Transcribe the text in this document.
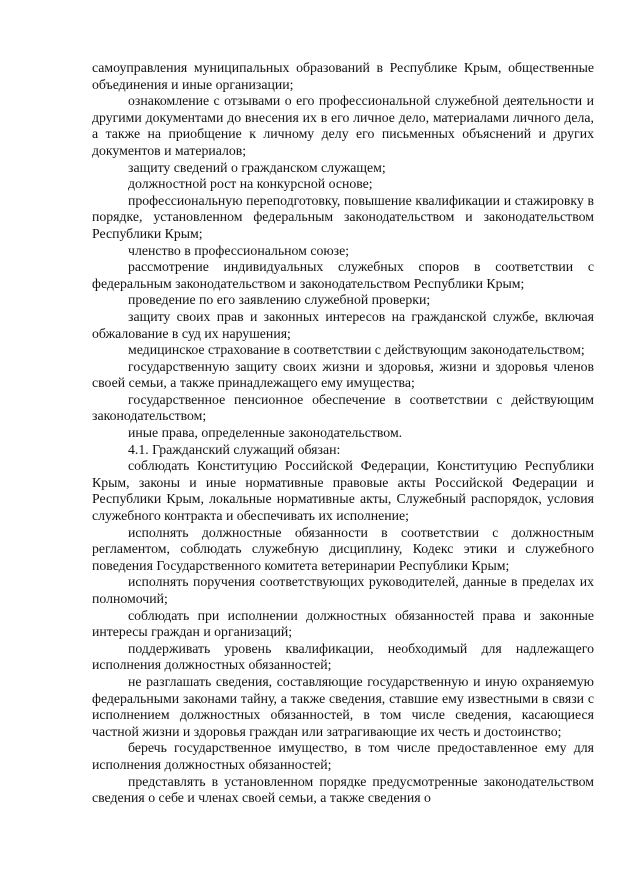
самоуправления муниципальных образований в Республике Крым, общественные объединения и иные организации;

ознакомление с отзывами о его профессиональной служебной деятельности и другими документами до внесения их в его личное дело, материалами личного дела, а также на приобщение к личному делу его письменных объяснений и других документов и материалов;

защиту сведений о гражданском служащем;

должностной рост на конкурсной основе;

профессиональную переподготовку, повышение квалификации и стажировку в порядке, установленном федеральным законодательством и законодательством Республики Крым;

членство в профессиональном союзе;

рассмотрение индивидуальных служебных споров в соответствии с федеральным законодательством и законодательством Республики Крым;

проведение по его заявлению служебной проверки;

защиту своих прав и законных интересов на гражданской службе, включая обжалование в суд их нарушения;

медицинское страхование в соответствии с действующим законодательством;

государственную защиту своих жизни и здоровья, жизни и здоровья членов своей семьи, а также принадлежащего ему имущества;

государственное пенсионное обеспечение в соответствии с действующим законодательством;

иные права, определенные законодательством.

4.1. Гражданский служащий обязан:

соблюдать Конституцию Российской Федерации, Конституцию Республики Крым, законы и иные нормативные правовые акты Российской Федерации и Республики Крым, локальные нормативные акты, Служебный распорядок, условия служебного контракта и обеспечивать их исполнение;

исполнять должностные обязанности в соответствии с должностным регламентом, соблюдать служебную дисциплину, Кодекс этики и служебного поведения Государственного комитета ветеринарии Республики Крым;

исполнять поручения соответствующих руководителей, данные в пределах их полномочий;

соблюдать при исполнении должностных обязанностей права и законные интересы граждан и организаций;

поддерживать уровень квалификации, необходимый для надлежащего исполнения должностных обязанностей;

не разглашать сведения, составляющие государственную и иную охраняемую федеральными законами тайну, а также сведения, ставшие ему известными в связи с исполнением должностных обязанностей, в том числе сведения, касающиеся частной жизни и здоровья граждан или затрагивающие их честь и достоинство;

беречь государственное имущество, в том числе предоставленное ему для исполнения должностных обязанностей;

представлять в установленном порядке предусмотренные законодательством сведения о себе и членах своей семьи, а также сведения о
